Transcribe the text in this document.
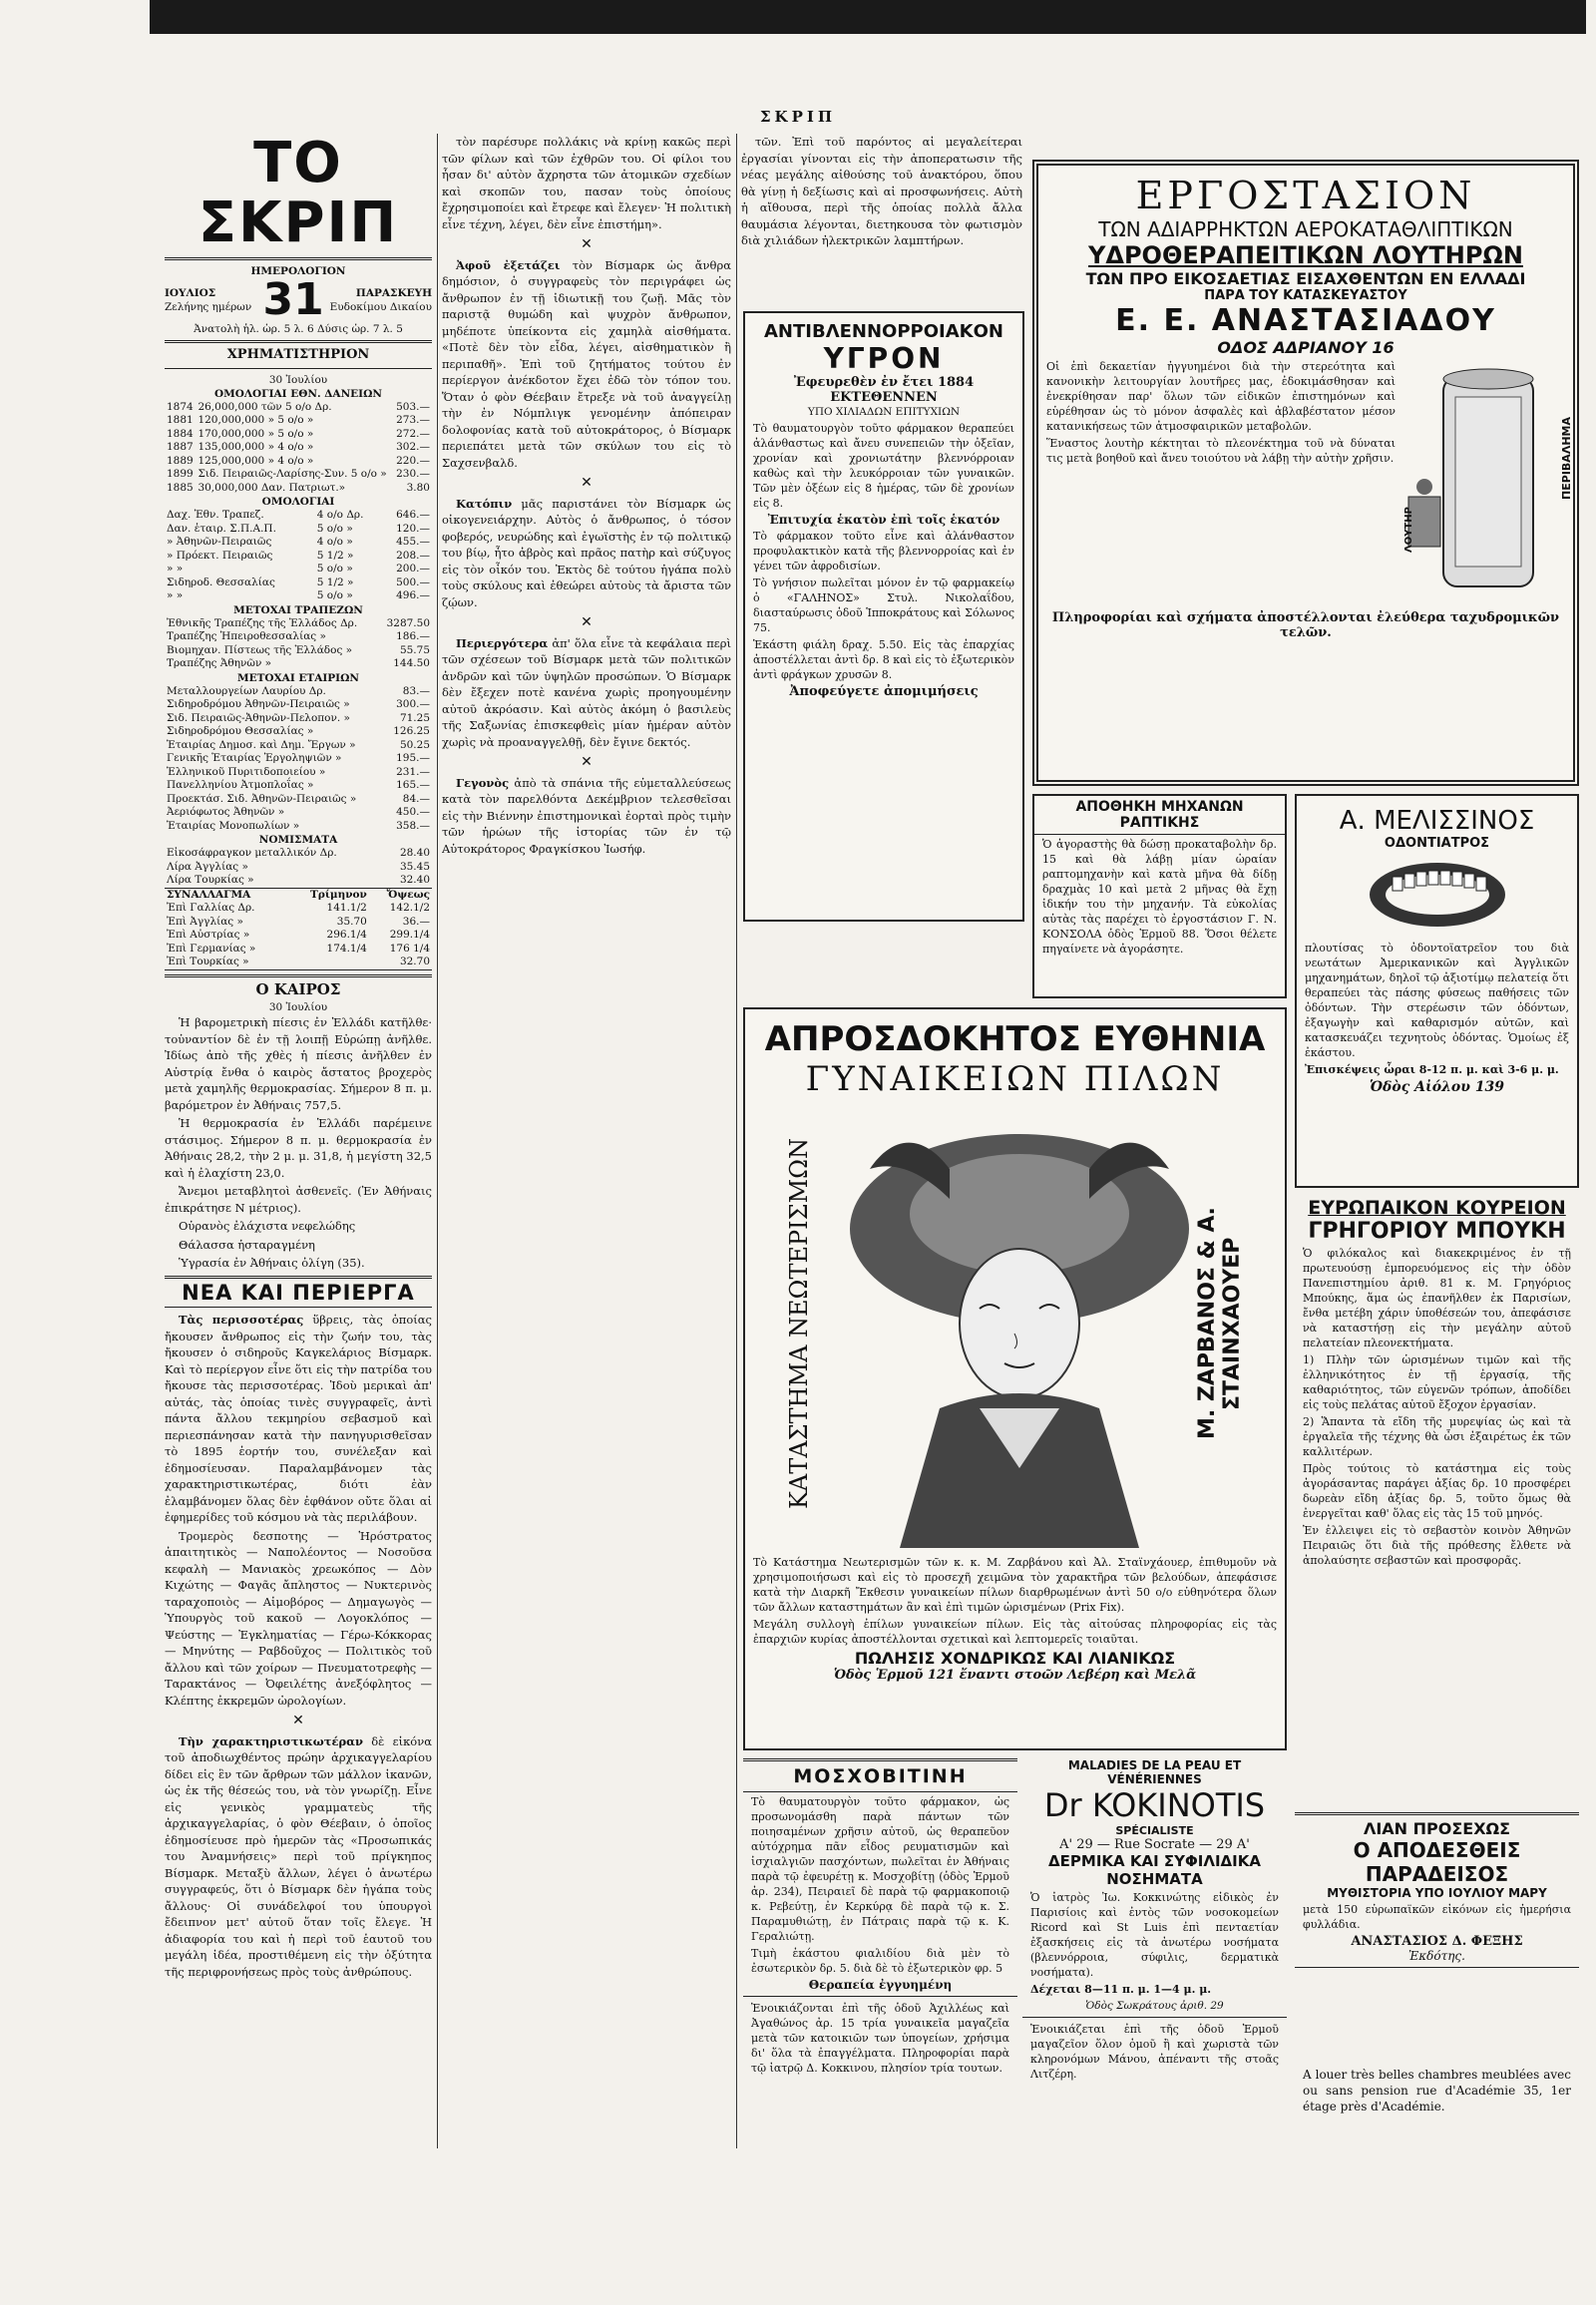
ΣΚΡΙΠ
ΤΟ ΣΚΡΙΠ
ΗΜΕΡΟΛΟΓΙΟΝ
ΙΟΥΛΙΟΣ
Ζελήνης ημέρων 31	ΠΑΡΑΣΚΕΥΗ
Ευδοκίμου Δικαίου
Ἀνατολὴ ἡλ. ὡρ. 5 λ. 6 Δύσις ὡρ. 7 λ. 5
ΧΡΗΜΑΤΙΣΤΗΡΙΟΝ
30 Ἰουλίου
ΟΜΟΛΟΓΙΑΙ ΕΘΝ. ΔΑΝΕΙΩΝ
1874	26,000,000 τῶν 5 ο/ο Δρ.	503.—
1881	120,000,000 » 5 ο/ο »	273.—
1884	170,000,000 » 5 ο/ο »	272.—
1887	135,000,000 » 4 ο/ο »	302.—
1889	125,000,000 » 4 ο/ο »	220.—
1899	Σιδ. Πειραιῶς-Λαρίσης-Συν. 5 ο/ο »	230.—
1885	30,000,000 Δαν. Πατριωτ.»	3.80
ΟΜΟΛΟΓΙΑΙ
Δαχ. Ἐθν. Τραπεζ.	4 ο/ο Δρ.	646.—
Δαν. ἑταιρ. Σ.Π.Α.Π.	5 ο/ο »	120.—
» Ἀθηνῶν-Πειραιῶς	4 ο/ο »	455.—
» Πρόεκτ. Πειραιῶς	5 1/2 »	208.—
» »	5 ο/ο »	200.—
Σιδηροδ. Θεσσαλίας	5 1/2 »	500.—
» »	5 ο/ο »	496.—
ΜΕΤΟΧΑΙ ΤΡΑΠΕΖΩΝ
Ἐθνικῆς Τραπέζης τῆς Ἑλλάδος Δρ.	3287.50
Τραπέζης Ἠπειροθεσσαλίας »	186.—
Βιομηχαν. Πίστεως τῆς Ἑλλάδος »	55.75
Τραπέζης Ἀθηνῶν »	144.50
ΜΕΤΟΧΑΙ ΕΤΑΙΡΙΩΝ
Μεταλλουργείων Λαυρίου Δρ.	83.—
Σιδηροδρόμου Ἀθηνῶν-Πειραιῶς »	300.—
Σιδ. Πειραιῶς-Ἀθηνῶν-Πελοπον. »	71.25
Σιδηροδρόμου Θεσσαλίας »	126.25
Ἑταιρίας Δημοσ. καὶ Δημ. Ἔργων »	50.25
Γενικῆς Ἑταιρίας Ἐργοληψιῶν »	195.—
Ἑλληνικοῦ Πυριτιδοποιείου »	231.—
Πανελληνίου Ἀτμοπλοΐας »	165.—
Προεκτάσ. Σιδ. Ἀθηνῶν-Πειραιῶς »	84.—
Ἀεριόφωτος Ἀθηνῶν »	450.—
Ἑταιρίας Μονοπωλίων »	358.—
ΝΟΜΙΣΜΑΤΑ
Εἰκοσάφραγκον μεταλλικόν Δρ.	28.40
Λίρα Ἀγγλίας »	35.45
Λίρα Τουρκίας »	32.40
ΣΥΝΑΛΛΑΓΜΑ	Τρίμηνον	Ὄψεως
Ἐπὶ Γαλλίας Δρ.	141.1/2	142.1/2
Ἐπὶ Ἀγγλίας »	35.70	36.—
Ἐπὶ Αὐστρίας »	296.1/4	299.1/4
Ἐπὶ Γερμανίας »	174.1/4	176 1/4
Ἐπὶ Τουρκίας »		32.70
Ο ΚΑΙΡΟΣ
30 Ἰουλίου

Ἡ βαρομετρικὴ πίεσις ἐν Ἑλλάδι κατῆλθε· τοὐναντίον δὲ ἐν τῇ λοιπῇ Εὐρώπῃ ἀνῆλθε. Ἰδίως ἀπὸ τῆς χθὲς ἡ πίεσις ἀνῆλθεν ἐν Αὐστρίᾳ ἔνθα ὁ καιρὸς ἄστατος βροχερὸς μετὰ χαμηλῆς θερμοκρασίας. Σήμερον 8 π. μ. βαρόμετρον ἐν Ἀθήναις 757,5.

Ἡ θερμοκρασία ἐν Ἑλλάδι παρέμεινε στάσιμος. Σήμερον 8 π. μ. θερμοκρασία ἐν Ἀθήναις 28,2, τὴν 2 μ. μ. 31,8, ἡ μεγίστη 32,5 καὶ ἡ ἐλαχίστη 23,0.

Ἄνεμοι μεταβλητοὶ ἀσθενεῖς. (Ἐν Ἀθήναις ἐπικράτησε Ν μέτριος).

Οὐρανὸς ἐλάχιστα νεφελώδης

Θάλασσα ἡσταραγμένη

Ὑγρασία ἐν Ἀθήναις ὀλίγη (35).

ΝΕΑ ΚΑΙ ΠΕΡΙΕΡΓΑ

Τὰς περισσοτέρας ὕβρεις, τὰς ὁποίας ἤκουσεν ἄνθρωπος εἰς τὴν ζωήν του, τὰς ἤκουσεν ὁ σιδηροῦς Καγκελάριος Βίσμαρκ. Καὶ τὸ περίεργον εἶνε ὅτι εἰς τὴν πατρίδα του ἤκουσε τὰς περισσοτέρας. Ἰδοὺ μερικαὶ ἀπ' αὐτάς, τὰς ὁποίας τινὲς συγγραφεῖς, ἀντὶ πάντα ἄλλου τεκμηρίου σεβασμοῦ καὶ περιεσπάνησαν κατὰ τὴν πανηγυρισθεῖσαν τὸ 1895 ἑορτήν του, συνέλεξαν καὶ ἐδημοσίευσαν. Παραλαμβάνομεν τὰς χαρακτηριστικωτέρας, διότι ἐὰν ἐλαμβάνομεν ὅλας δὲν ἐφθάνον οὔτε ὅλαι αἱ ἐφημερίδες τοῦ κόσμου νὰ τὰς περιλάβουν.

Τρομερὸς δεσποτης — Ἡρόστρατος ἀπαιτητικὸς — Ναπολέοντος — Νοσοῦσα κεφαλὴ — Μανιακὸς χρεωκόπος — Δὸν Κιχώτης — Φαγᾶς ἄπληστος — Νυκτερινὸς ταραχοποιὸς — Αἱμοβόρος — Δημαγωγὸς — Ὑπουργὸς τοῦ κακοῦ — Λογοκλόπος — Ψεύστης — Ἐγκληματίας — Γέρω-Κόκκορας — Μηνύτης — Ραβδοῦχος — Πολιτικὸς τοῦ ἄλλου καὶ τῶν χοίρων — Πνευματοτρεφὴς — Ταρακτάνος — Ὀφειλέτης ἀνεξόφλητος — Κλέπτης ἐκκρεμῶν ὡρολογίων.

✕

Τὴν χαρακτηριστικωτέραν δὲ εἰκόνα τοῦ ἀποδιωχθέντος πρώην ἀρχικαγγελαρίου δίδει εἰς ἓν τῶν ἄρθρων τῶν μάλλον ἱκανῶν, ὡς ἐκ τῆς θέσεώς του, νὰ τὸν γνωρίζῃ. Εἶνε εἰς γενικὸς γραμματεὺς τῆς ἀρχικαγγελαρίας, ὁ φὸν Θέεβαιν, ὁ ὁποῖος ἐδημοσίευσε πρὸ ἡμερῶν τὰς «Προσωπικάς του Ἀναμνήσεις» περὶ τοῦ πρίγκηπος Βίσμαρκ. Μεταξὺ ἄλλων, λέγει ὁ ἀνωτέρω συγγραφεύς, ὅτι ὁ Βίσμαρκ δὲν ἠγάπα τοὺς ἄλλους· Οἱ συνάδελφοί του ὑπουργοὶ ἔδειπνον μετ' αὐτοῦ ὅταν τοῖς ἔλεγε. Ἡ ἀδιαφορία του καὶ ἡ περὶ τοῦ ἑαυτοῦ του μεγάλη ἰδέα, προστιθέμενη εἰς τὴν ὀξύτητα τῆς περιφρονήσεως πρὸς τοὺς ἀνθρώπους.

τὸν παρέσυρε πολλάκις νὰ κρίνῃ κακῶς περὶ τῶν φίλων καὶ τῶν ἐχθρῶν του. Οἱ φίλοι του ἦσαν δι' αὐτὸν ἄχρηστα τῶν ἀτομικῶν σχεδίων καὶ σκοπῶν του, πασαν τοὺς ὁποίους ἔχρησιμοποίει καὶ ἔτρεφε καὶ ἔλεγεν· Ἡ πολιτικὴ εἶνε τέχνη, λέγει, δὲν εἶνε ἐπιστήμη».

✕

Ἀφοῦ ἐξετάζει τὸν Βίσμαρκ ὡς ἄνθρα δημόσιον, ὁ συγγραφεὺς τὸν περιγράφει ὡς ἄνθρωπον ἐν τῇ ἰδιωτικῇ του ζωῇ. Μᾶς τὸν παριστᾷ θυμώδη καὶ ψυχρὸν ἄνθρωπον, μηδέποτε ὑπείκοντα εἰς χαμηλὰ αἰσθήματα. «Ποτὲ δὲν τὸν εἶδα, λέγει, αἰσθηματικὸν ἢ περιπαθῆ». Ἐπὶ τοῦ ζητήματος τούτου ἐν περίεργον ἀνέκδοτον ἔχει ἐδῶ τὸν τόπον του. Ὅταν ὁ φὸν Θέεβαιν ἔτρεξε νὰ τοῦ ἀναγγείλῃ τὴν ἐν Νόμπλιγκ γενομένην ἀπόπειραν δολοφονίας κατὰ τοῦ αὐτοκράτορος, ὁ Βίσμαρκ περιεπάτει μετὰ τῶν σκύλων του εἰς τὸ Σαχσενβαλδ.

✕

Κατόπιν μᾶς παριστάνει τὸν Βίσμαρκ ὡς οἰκογενειάρχην. Αὐτὸς ὁ ἄνθρωπος, ὁ τόσον φοβερός, νευρώδης καὶ ἐγωϊστὴς ἐν τῷ πολιτικῷ του βίῳ, ἦτο ἀβρὸς καὶ πρᾶος πατὴρ καὶ σύζυγος εἰς τὸν οἶκόν του. Ἐκτὸς δὲ τούτου ἠγάπα πολὺ τοὺς σκύλους καὶ ἐθεώρει αὐτοὺς τὰ ἄριστα τῶν ζῴων.

✕

Περιεργότερα ἀπ' ὅλα εἶνε τὰ κεφάλαια περὶ τῶν σχέσεων τοῦ Βίσμαρκ μετὰ τῶν πολιτικῶν ἀνδρῶν καὶ τῶν ὑψηλῶν προσώπων. Ὁ Βίσμαρκ δὲν ἔξεχεν ποτὲ κανένα χωρὶς προηγουμένην αὐτοῦ ἀκρόασιν. Καὶ αὐτὸς ἀκόμη ὁ βασιλεὺς τῆς Σαξωνίας ἐπισκεφθεὶς μίαν ἡμέραν αὐτὸν χωρὶς νὰ προαναγγελθῇ, δὲν ἔγινε δεκτός.

✕

Γεγονὸς ἀπὸ τὰ σπάνια τῆς εὐμεταλλεύσεως κατὰ τὸν παρελθόντα Δεκέμβριον τελεσθεῖσαι εἰς τὴν Βιέννην ἐπιστημονικαὶ ἐορταὶ πρὸς τιμὴν τῶν ἡρώων τῆς ἱστορίας τῶν ἐν τῷ Αὐτοκράτορος Φραγκίσκου Ἰωσήφ.

τῶν. Ἐπὶ τοῦ παρόντος αἱ μεγαλείτεραι ἐργασίαι γίνονται εἰς τὴν ἀποπερατωσιν τῆς νέας μεγάλης αἰθούσης τοῦ ἀνακτόρου, ὅπου θὰ γίνῃ ἡ δεξίωσις καὶ αἱ προσφωνήσεις. Αὐτὴ ἡ αἴθουσα, περὶ τῆς ὁποίας πολλὰ ἄλλα θαυμάσια λέγονται, διετηκουσα τὸν φωτισμὸν διὰ χιλιάδων ἠλεκτρικῶν λαμπτήρων.

ΑΝΤΙΒΛΕΝΝΟΡΡΟΙΑΚΟΝ
ΥΓΡΟΝ
Ἐφευρεθὲν ἐν ἔτει 1884
ΕΚΤΕΘΕΝΝΕΝ
ΥΠΟ ΧΙΛΙΑΔΩΝ ΕΠΙΤΥΧΙΩΝ

Τὸ θαυματουργὸν τοῦτο φάρμακον θεραπεύει ἀλάνθαστως καὶ ἄνευ συνεπειῶν τὴν ὀξεῖαν, χρονίαν καὶ χρονιωτάτην βλεννόρροιαν καθὼς καὶ τὴν λευκόρροιαν τῶν γυναικῶν. Τῶν μὲν ὀξέων εἰς 8 ἡμέρας, τῶν δὲ χρονίων εἰς 8.

Ἐπιτυχία ἑκατὸν ἐπὶ τοῖς ἑκατόν

Τὸ φάρμακον τοῦτο εἶνε καὶ ἀλάνθαστον προφυλακτικὸν κατὰ τῆς βλεννορροίας καὶ ἐν γένει τῶν ἀφροδισίων.

Τὸ γνήσιον πωλεῖται μόνον ἐν τῷ φαρμακείῳ ὁ «ΓΑΛΗΝΟΣ» Στυλ. Νικολαΐδου, διασταύρωσις ὁδοῦ Ἱπποκράτους καὶ Σόλωνος 75.

Ἑκάστη φιάλη δραχ. 5.50. Εἰς τὰς ἐπαρχίας ἀποστέλλεται ἀντὶ δρ. 8 καὶ εἰς τὸ ἐξωτερικὸν ἀντὶ φράγκων χρυσῶν 8.

Ἀποφεύγετε ἀπομιμήσεις
ΕΡΓΟΣΤΑΣΙΟΝ
ΤΩΝ ΑΔΙΑΡΡΗΚΤΩΝ ΑΕΡΟΚΑΤΑΘΛΙΠΤΙΚΩΝ
ΥΔΡΟΘΕΡΑΠΕΙΤΙΚΩΝ ΛΟΥΤΗΡΩΝ
ΤΩΝ ΠΡΟ ΕΙΚΟΣΑΕΤΙΑΣ ΕΙΣΑΧΘΕΝΤΩΝ ΕΝ ΕΛΛΑΔΙ
ΠΑΡΑ ΤΟΥ ΚΑΤΑΣΚΕΥΑΣΤΟΥ
Ε. Ε. ΑΝΑΣΤΑΣΙΑΔΟΥ
ΟΔΟΣ ΑΔΡΙΑΝΟΥ 16

Οἱ ἐπὶ δεκαετίαν ἠγγυημένοι διὰ τὴν στερεότητα καὶ κανονικὴν λειτουργίαν λουτῆρες μας, ἐδοκιμάσθησαν καὶ ἐνεκρίθησαν παρ' ὅλων τῶν εἰδικῶν ἐπιστημόνων καὶ εὑρέθησαν ὡς τὸ μόνον ἀσφαλὲς καὶ ἀβλαβέστατον μέσον κατανικήσεως τῶν ἀτμοσφαιρικῶν μεταβολῶν.

Ἕναστος λουτὴρ κέκτηται τὸ πλεονέκτημα τοῦ νὰ δύναται τις μετὰ βοηθοῦ καὶ ἄνευ τοιούτου νὰ λάβῃ τὴν αὐτὴν χρῆσιν.	ΠΕΡΙΒΑΛΗΜΑ
ΛΟΥΤΗΡ
Πληροφορίαι καὶ σχήματα ἀποστέλλονται ἐλεύθερα ταχυδρομικῶν τελῶν.
ΑΠΟΘΗΚΗ ΜΗΧΑΝΩΝ ΡΑΠΤΙΚΗΣ

Ὁ ἀγοραστὴς θὰ δώσῃ προκαταβολὴν δρ. 15 καὶ θὰ λάβῃ μίαν ὡραίαν ραπτομηχανὴν καὶ κατὰ μῆνα θὰ δίδῃ δραχμὰς 10 καὶ μετὰ 2 μῆνας θὰ ἔχῃ ἰδικήν του τὴν μηχανήν. Τὰ εὐκολίας αὐτὰς τὰς παρέχει τὸ ἐργοστάσιον Γ. Ν. ΚΟΝΣΟΛΑ ὁδὸς Ἑρμοῦ 88. Ὅσοι θέλετε πηγαίνετε νὰ ἀγοράσητε.

Α. ΜΕΛΙΣΣΙΝΟΣ
ΟΔΟΝΤΙΑΤΡΟΣ

πλουτίσας τὸ ὀδοντοϊατρεῖον του διὰ νεωτάτων Ἀμερικανικῶν καὶ Ἀγγλικῶν μηχανημάτων, δηλοῖ τῷ ἀξιοτίμῳ πελατείᾳ ὅτι θεραπεύει τὰς πάσης φύσεως παθήσεις τῶν ὀδόντων. Τὴν στερέωσιν τῶν ὀδόντων, ἐξαγωγὴν καὶ καθαρισμόν αὐτῶν, καὶ κατασκευάζει τεχνητοὺς ὀδόντας. Ὁμοίως ἐξ ἐκάστου.

Ἐπισκέψεις ὧραι 8-12 π. μ. καὶ 3-6 μ. μ.

Ὁδὸς Αἰόλου 139
ΑΠΡΟΣΔΟΚΗΤΟΣ ΕΥΘΗΝΙΑ
ΓΥΝΑΙΚΕΙΩΝ ΠΙΛΩΝ
ΚΑΤΑΣΤΗΜΑ ΝΕΩΤΕΡΙΣΜΩΝ	Μ. ΖΑΡΒΑΝΟΣ & Α. ΣΤΑΙΝΧΑΟΥΕΡ

Τὸ Κατάστημα Νεωτερισμῶν τῶν κ. κ. Μ. Ζαρβάνου καὶ Ἀλ. Σταϊνχάουερ, ἐπιθυμοῦν νὰ χρησιμοποιήσωσι καὶ εἰς τὸ προσεχῆ χειμῶνα τὸν χαρακτῆρα τῶν βελούδων, ἀπεφάσισε κατὰ τὴν Διαρκῆ Ἔκθεσιν γυναικείων πίλων διαρθρωμένων ἀντὶ 50 ο/ο εὐθηνότερα ὅλων τῶν ἄλλων καταστημάτων ἂν καὶ ἐπὶ τιμῶν ὡρισμένων (Prix Fix).

Μεγάλη συλλογὴ ἐπίλων γυναικείων πίλων. Εἰς τὰς αἰτούσας πληροφορίας εἰς τὰς ἐπαρχιῶν κυρίας ἀποστέλλονται σχετικαὶ καὶ λεπτομερεῖς τοιαῦται.

ΠΩΛΗΣΙΣ ΧΟΝΔΡΙΚΩΣ ΚΑΙ ΛΙΑΝΙΚΩΣ
Ὁδὸς Ἑρμοῦ 121 ἔναντι στοῶν Λεβέρη καὶ Μελᾶ
ΕΥΡΩΠΑΙΚΟΝ ΚΟΥΡΕΙΟΝ
ΓΡΗΓΟΡΙΟΥ ΜΠΟΥΚΗ

Ὁ φιλόκαλος καὶ διακεκριμένος ἐν τῇ πρωτευούσῃ ἐμπορευόμενος εἰς τὴν ὁδὸν Πανεπιστημίου ἀριθ. 81 κ. Μ. Γρηγόριος Μπούκης, ἅμα ὡς ἐπανῆλθεν ἐκ Παρισίων, ἔνθα μετέβη χάριν ὑποθέσεών του, ἀπεφάσισε νὰ καταστήσῃ εἰς τὴν μεγάλην αὐτοῦ πελατείαν πλεονεκτήματα.

1) Πλὴν τῶν ὡρισμένων τιμῶν καὶ τῆς ἐλληνικότητος ἐν τῇ ἐργασίᾳ, τῆς καθαριότητος, τῶν εὐγενῶν τρόπων, ἀποδίδει εἰς τοὺς πελάτας αὐτοῦ ἔξοχον ἐργασίαν.

2) Ἅπαντα τὰ εἴδη τῆς μυρεψίας ὡς καὶ τὰ ἐργαλεῖα τῆς τέχνης θὰ ὦσι ἐξαιρέτως ἐκ τῶν καλλιτέρων.

Πρὸς τούτοις τὸ κατάστημα εἰς τοὺς ἀγοράσαντας παράγει ἀξίας δρ. 10 προσφέρει δωρεὰν εἴδη ἀξίας δρ. 5, τοῦτο ὅμως θὰ ἐνεργεῖται καθ' ὅλας εἰς τὰς 15 τοῦ μηνός.

Ἐν ἐλλειψει εἰς τὸ σεβαστὸν κοινὸν Ἀθηνῶν Πειραιῶς ὅτι διὰ τῆς πρόθεσης ἔλθετε νὰ ἀπολαύσητε σεβαστῶν καὶ προσφορᾶς.

ΜΟΣΧΟΒΙΤΙΝΗ

Τὸ θαυματουργὸν τοῦτο φάρμακον, ὡς προσωνομάσθη παρὰ πάντων τῶν ποιησαμένων χρῆσιν αὐτοῦ, ὡς θεραπεῦον αὐτόχρημα πᾶν εἶδος ρευματισμῶν καὶ ἰσχιαλγιῶν πασχόντων, πωλεῖται ἐν Ἀθήναις παρὰ τῷ ἐφευρέτῃ κ. Μοσχοβίτῃ (ὁδὸς Ἑρμοῦ ἀρ. 234), Πειραιεῖ δὲ παρὰ τῷ φαρμακοποιῷ κ. Ρεβεύτῃ, ἐν Κερκύρᾳ δὲ παρὰ τῷ κ. Σ. Παραμυθιώτῃ, ἐν Πάτραις παρὰ τῷ κ. Κ. Γεραλιώτῃ.

Τιμὴ ἑκάστου φιαλιδίου διὰ μὲν τὸ ἐσωτερικὸν δρ. 5. διὰ δὲ τὸ ἐξωτερικὸν φρ. 5

Θεραπεία ἐγγυημένη

Ἐνοικιάζονται ἐπὶ τῆς ὁδοῦ Ἀχιλλέως καὶ Ἀγαθώνος ἀρ. 15 τρία γυναικεῖα μαγαζεῖα μετὰ τῶν κατοικιῶν των ὑπογείων, χρήσιμα δι' ὅλα τὰ ἐπαγγέλματα. Πληροφορίαι παρὰ τῷ ἰατρῷ Δ. Κοκκινου, πλησίον τρία τουτων.

MALADIES DE LA PEAU ET VÉNÉRIENNES
Dr KOKINOTIS
SPÉCIALISTE
Α' 29 — Rue Socrate — 29 Α'
ΔΕΡΜΙΚΑ ΚΑΙ ΣΥΦΙΛΙΔΙΚΑ ΝΟΣΗΜΑΤΑ

Ὁ ἰατρὸς Ἰω. Κοκκινώτης εἰδικὸς ἐν Παρισίοις καὶ ἐντὸς τῶν νοσοκομείων Ricord καὶ St Luis ἐπὶ πενταετίαν ἐξασκήσεις εἰς τὰ ἀνωτέρω νοσήματα (βλεννόρροια, σύφιλις, δερματικὰ νοσήματα).

Δέχεται 8—11 π. μ. 1—4 μ. μ.

Ὁδὸς Σωκράτους ἀριθ. 29

Ἐνοικιάζεται ἐπὶ τῆς ὁδοῦ Ἑρμοῦ μαγαζεῖον ὅλον ὁμοῦ ἢ καὶ χωριστὰ τῶν κληρονόμων Μάνου, ἀπέναντι τῆς στοᾶς Λιτζέρη.

ΛΙΑΝ ΠΡΟΣΕΧΩΣ
Ο ΑΠΟΔΕΣΘΕΙΣ ΠΑΡΑΔΕΙΣΟΣ
ΜΥΘΙΣΤΟΡΙΑ ΥΠΟ ΙΟΥΛΙΟΥ ΜΑΡΥ

μετὰ 150 εὐρωπαϊκῶν εἰκόνων εἰς ἡμερήσια φυλλάδια.

ΑΝΑΣΤΑΣΙΟΣ Δ. ΦΕΞΗΣ
Ἐκδότης.

A louer très belles chambres meublées avec ou sans pension rue d'Académie 35, 1er étage près d'Académie.
